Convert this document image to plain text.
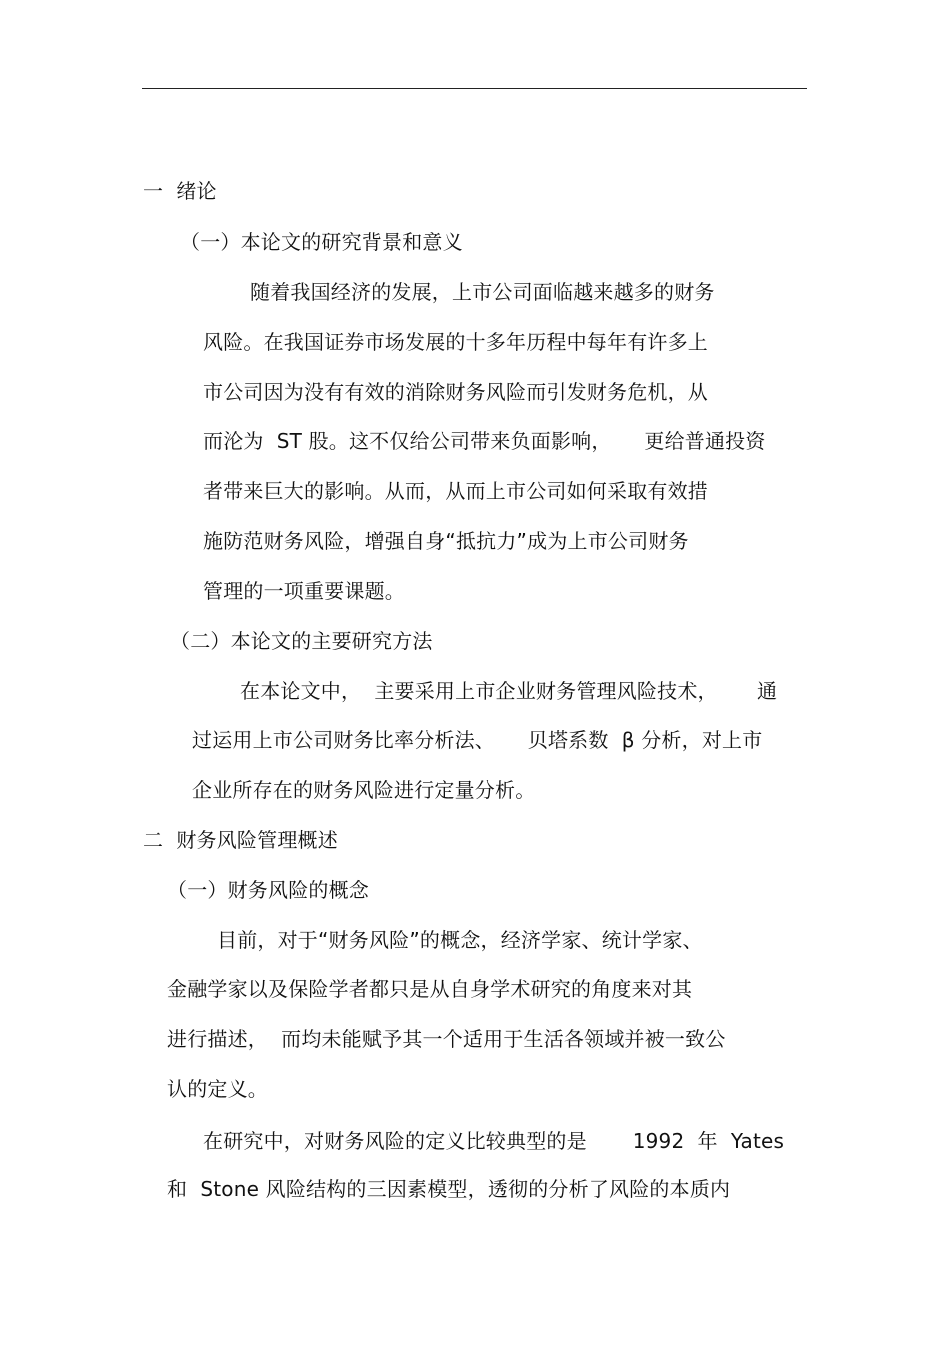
一  绪论
（一）本论文的研究背景和意义
随着我国经济的发展，上市公司面临越来越多的财务
风险。在我国证券市场发展的十多年历程中每年有许多上
市公司因为没有有效的消除财务风险而引发财务危机，从
而沦为  ST 股。这不仅给公司带来负面影响，     更给普通投资
者带来巨大的影响。从而，从而上市公司如何采取有效措
施防范财务风险，增强自身“抵抗力”成为上市公司财务
管理的一项重要课题。
（二）本论文的主要研究方法
在本论文中，  主要采用上市企业财务管理风险技术，      通
过运用上市公司财务比率分析法、     贝塔系数  β 分析，对上市
企业所存在的财务风险进行定量分析。
二  财务风险管理概述
（一）财务风险的概念
目前，对于“财务风险”的概念，经济学家、统计学家、
金融学家以及保险学者都只是从自身学术研究的角度来对其
进行描述，  而均未能赋予其一个适用于生活各领域并被一致公
认的定义。
在研究中，对财务风险的定义比较典型的是       1992  年  Yates
和  Stone 风险结构的三因素模型，透彻的分析了风险的本质内
